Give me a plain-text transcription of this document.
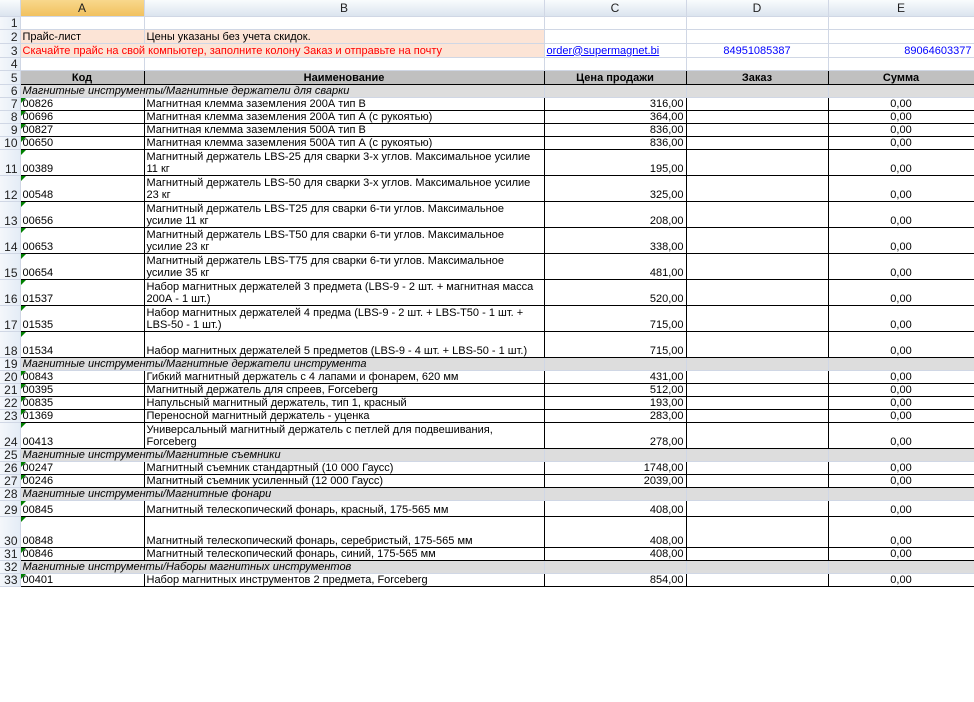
	A	B	C	D	E
1					
2	Прайс-лист	Цены указаны без учета скидок.			
3	Скачайте прайс на свой компьютер, заполните колону Заказ и отправьте на почту		order@supermagnet.bi	84951085387	89064603377
4					
5	Код	Наименование	Цена продажи	Заказ	Сумма
6	Магнитные инструменты/Магнитные держатели для сварки				
7	00826	Магнитная клемма заземления 200А тип В	316,00		0,00
8	00696	Магнитная клемма заземления 200А тип А (с рукоятью)	364,00		0,00
9	00827	Магнитная клемма заземления 500А тип В	836,00		0,00
10	00650	Магнитная клемма заземления 500А тип А (с рукоятью)	836,00		0,00
11	00389	Магнитный держатель LBS-25 для сварки 3-х углов. Максимальное усилие 11 кг	195,00		0,00
12	00548	Магнитный держатель LBS-50 для сварки 3-х углов. Максимальное усилие 23 кг	325,00		0,00
13	00656	Магнитный держатель LBS-T25 для сварки 6-ти углов. Максимальное усилие 11 кг	208,00		0,00
14	00653	Магнитный держатель LBS-T50 для сварки 6-ти углов. Максимальное усилие 23 кг	338,00		0,00
15	00654	Магнитный держатель LBS-T75 для сварки 6-ти углов. Максимальное усилие 35 кг	481,00		0,00
16	01537	Набор магнитных держателей 3 предмета (LBS-9 - 2 шт. + магнитная масса 200А - 1 шт.)	520,00		0,00
17	01535	Набор магнитных держателей 4 предма (LBS-9 - 2 шт. + LBS-T50 - 1 шт. + LBS-50 - 1 шт.)	715,00		0,00
18	01534	Набор магнитных держателей 5 предметов (LBS-9 - 4 шт. + LBS-50 - 1 шт.)	715,00		0,00
19	Магнитные инструменты/Магнитные держатели инструмента				
20	00843	Гибкий магнитный держатель с 4 лапами и фонарем, 620 мм	431,00		0,00
21	00395	Магнитный держатель для спреев, Forceberg	512,00		0,00
22	00835	Напульсный магнитный держатель, тип 1, красный	193,00		0,00
23	01369	Переносной магнитный держатель - уценка	283,00		0,00
24	00413	Универсальный магнитный держатель с петлей для подвешивания, Forceberg	278,00		0,00
25	Магнитные инструменты/Магнитные съемники				
26	00247	Магнитный съемник стандартный (10 000 Гаусс)	1748,00		0,00
27	00246	Магнитный съемник усиленный (12 000 Гаусс)	2039,00		0,00
28	Магнитные инструменты/Магнитные фонари				
29	00845	Магнитный телескопический фонарь, красный, 175-565 мм	408,00		0,00
30	00848	Магнитный телескопический фонарь, серебристый, 175-565 мм	408,00		0,00
31	00846	Магнитный телескопический фонарь, синий, 175-565 мм	408,00		0,00
32	Магнитные инструменты/Наборы магнитных инструментов				
33	00401	Набор магнитных инструментов 2 предмета, Forceberg	854,00		0,00
